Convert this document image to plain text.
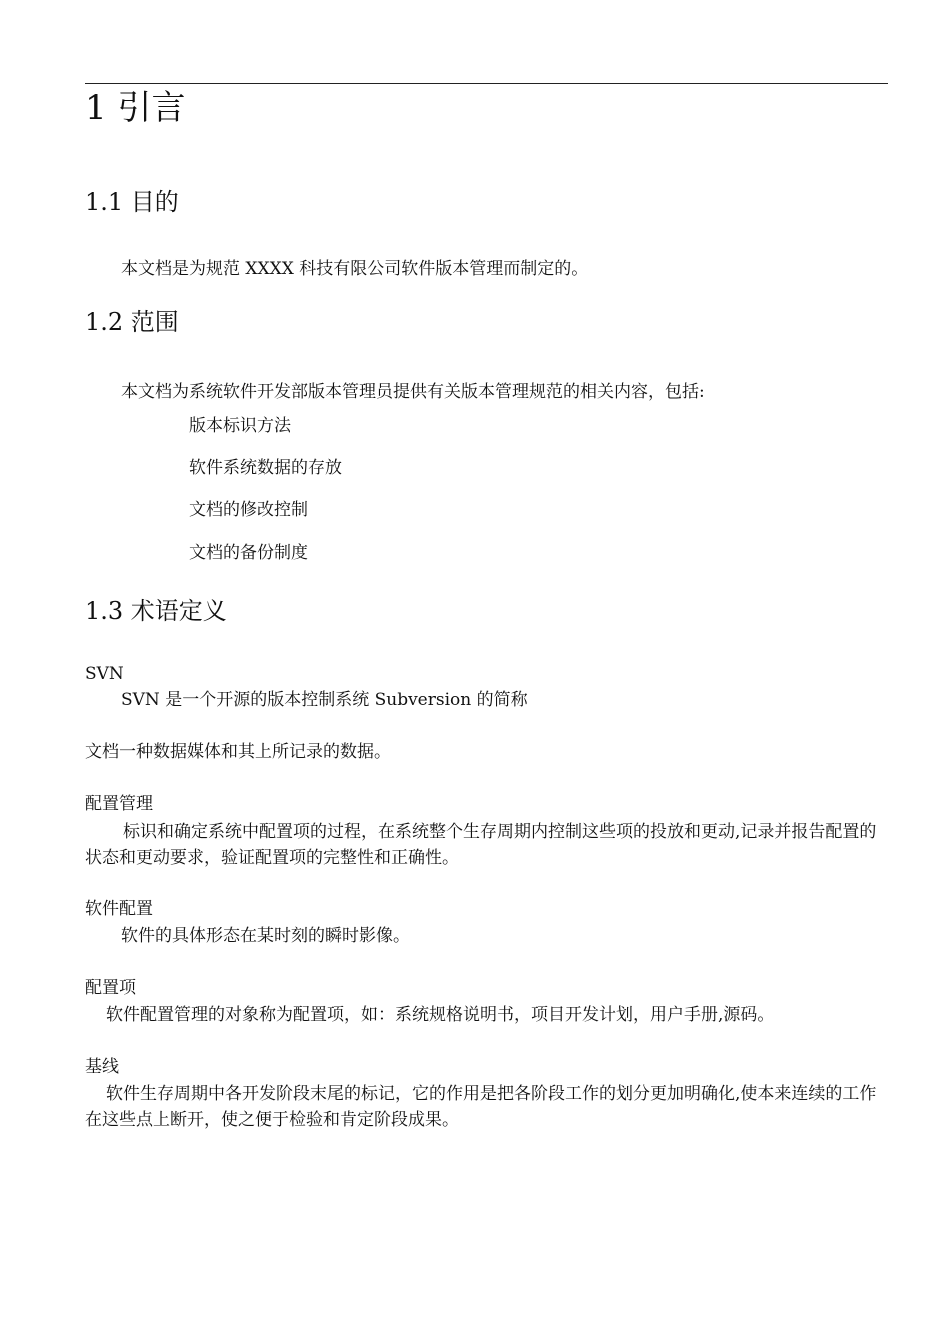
1 引言
1.1 目的
本文档是为规范 XXXX 科技有限公司软件版本管理而制定的。
1.2 范围
本文档为系统软件开发部版本管理员提供有关版本管理规范的相关内容，包括:
版本标识方法
软件系统数据的存放
文档的修改控制
文档的备份制度
1.3 术语定义
SVN
SVN 是一个开源的版本控制系统 Subversion 的简称
文档一种数据媒体和其上所记录的数据。
配置管理
标识和确定系统中配置项的过程，在系统整个生存周期内控制这些项的投放和更动,记录并报告配置的状态和更动要求，验证配置项的完整性和正确性。
软件配置
软件的具体形态在某时刻的瞬时影像。
配置项
软件配置管理的对象称为配置项，如：系统规格说明书，项目开发计划，用户手册,源码。
基线
软件生存周期中各开发阶段末尾的标记，它的作用是把各阶段工作的划分更加明确化,使本来连续的工作在这些点上断开，使之便于检验和肯定阶段成果。
